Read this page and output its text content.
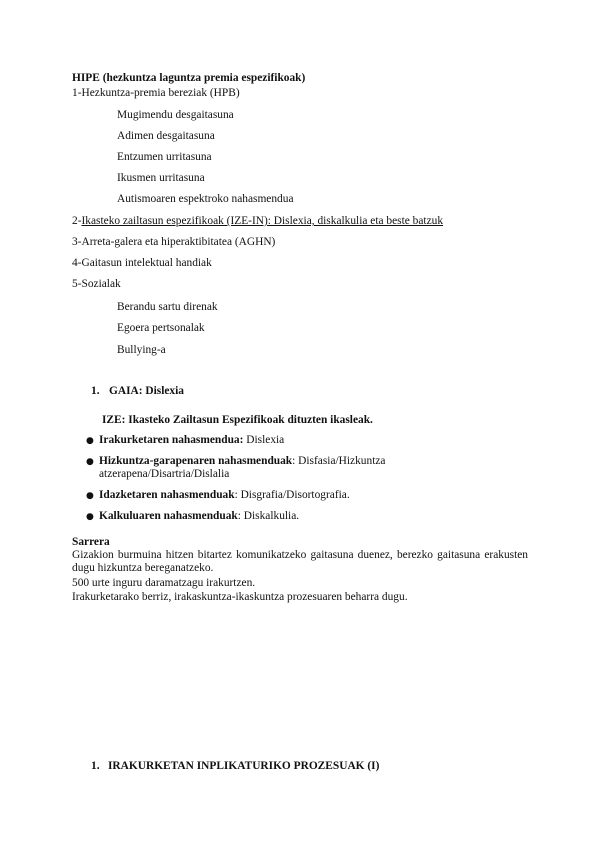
HIPE (hezkuntza laguntza premia espezifikoak)
1-Hezkuntza-premia bereziak (HPB)
Mugimendu desgaitasuna
Adimen desgaitasuna
Entzumen urritasuna
Ikusmen urritasuna
Autismoaren espektroko nahasmendua
2-Ikasteko zailtasun espezifikoak (IZE-IN): Dislexia, diskalkulia eta beste batzuk
3-Arreta-galera eta hiperaktibitatea (AGHN)
4-Gaitasun intelektual handiak
5-Sozialak
Berandu sartu direnak
Egoera pertsonalak
Bullying-a
1. GAIA: Dislexia
IZE: Ikasteko Zailtasun Espezifikoak dituzten ikasleak.
● Irakurketaren nahasmendua: Dislexia
● Hizkuntza-garapenaren nahasmenduak: Disfasia/Hizkuntza
atzerapena/Disartria/Dislalia
● Idazketaren nahasmenduak: Disgrafia/Disortografia.
● Kalkuluaren nahasmenduak: Diskalkulia.
Sarrera
Gizakion burmuina hitzen bitartez komunikatzeko gaitasuna duenez, berezko gaitasuna erakusten dugu hizkuntza bereganatzeko.
500 urte inguru daramatzagu irakurtzen.
Irakurketarako berriz, irakaskuntza-ikaskuntza prozesuaren beharra dugu.
1. IRAKURKETAN INPLIKATURIKO PROZESUAK (I)
